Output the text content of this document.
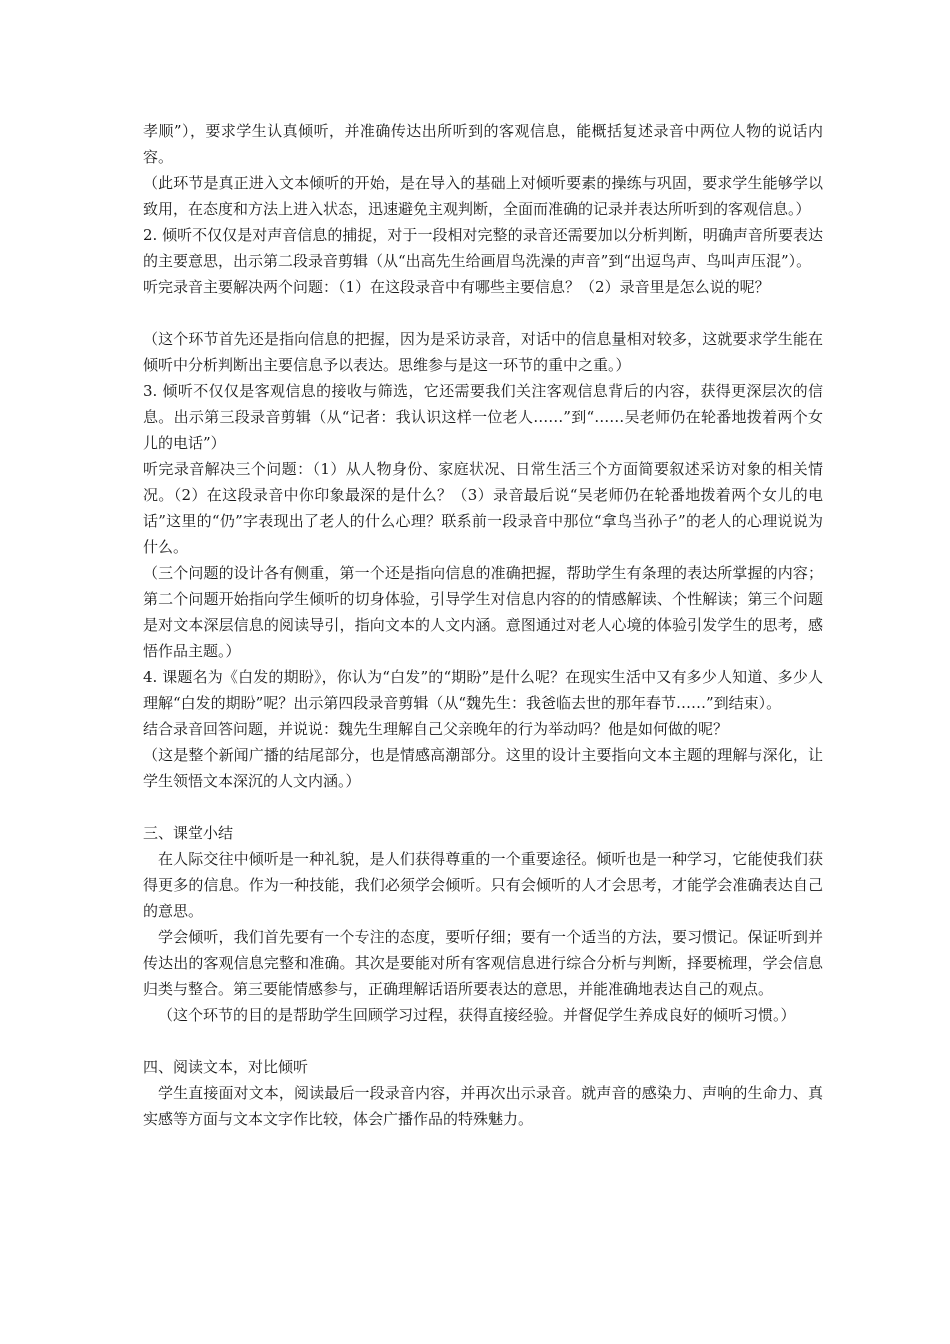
孝顺”），要求学生认真倾听，并准确传达出所听到的客观信息，能概括复述录音中两位人物的说话内容。

（此环节是真正进入文本倾听的开始，是在导入的基础上对倾听要素的操练与巩固，要求学生能够学以致用，在态度和方法上进入状态，迅速避免主观判断，全面而准确的记录并表达所听到的客观信息。）

2. 倾听不仅仅是对声音信息的捕捉，对于一段相对完整的录音还需要加以分析判断，明确声音所要表达的主要意思，出示第二段录音剪辑（从“出高先生给画眉鸟洗澡的声音”到“出逗鸟声、鸟叫声压混”）。

听完录音主要解决两个问题：（1）在这段录音中有哪些主要信息？（2）录音里是怎么说的呢？

（这个环节首先还是指向信息的把握，因为是采访录音，对话中的信息量相对较多，这就要求学生能在倾听中分析判断出主要信息予以表达。思维参与是这一环节的重中之重。）

3. 倾听不仅仅是客观信息的接收与筛选，它还需要我们关注客观信息背后的内容，获得更深层次的信息。出示第三段录音剪辑（从“记者：我认识这样一位老人……”到“……吴老师仍在轮番地拨着两个女儿的电话”）

听完录音解决三个问题：（1）从人物身份、家庭状况、日常生活三个方面简要叙述采访对象的相关情况。（2）在这段录音中你印象最深的是什么？（3）录音最后说“吴老师仍在轮番地拨着两个女儿的电话”这里的“仍”字表现出了老人的什么心理？联系前一段录音中那位“拿鸟当孙子”的老人的心理说说为什么。

（三个问题的设计各有侧重，第一个还是指向信息的准确把握，帮助学生有条理的表达所掌握的内容；第二个问题开始指向学生倾听的切身体验，引导学生对信息内容的的情感解读、个性解读；第三个问题是对文本深层信息的阅读导引，指向文本的人文内涵。意图通过对老人心境的体验引发学生的思考，感悟作品主题。）

4. 课题名为《白发的期盼》，你认为“白发”的“期盼”是什么呢？在现实生活中又有多少人知道、多少人理解“白发的期盼”呢？出示第四段录音剪辑（从“魏先生：我爸临去世的那年春节……”到结束）。

结合录音回答问题，并说说：魏先生理解自己父亲晚年的行为举动吗？他是如何做的呢？

（这是整个新闻广播的结尾部分，也是情感高潮部分。这里的设计主要指向文本主题的理解与深化，让学生领悟文本深沉的人文内涵。）

三、课堂小结

在人际交往中倾听是一种礼貌，是人们获得尊重的一个重要途径。倾听也是一种学习，它能使我们获得更多的信息。作为一种技能，我们必须学会倾听。只有会倾听的人才会思考，才能学会准确表达自己的意思。

学会倾听，我们首先要有一个专注的态度，要听仔细；要有一个适当的方法，要习惯记。保证听到并传达出的客观信息完整和准确。其次是要能对所有客观信息进行综合分析与判断，择要梳理，学会信息归类与整合。第三要能情感参与，正确理解话语所要表达的意思，并能准确地表达自己的观点。

（这个环节的目的是帮助学生回顾学习过程，获得直接经验。并督促学生养成良好的倾听习惯。）

四、阅读文本，对比倾听

学生直接面对文本，阅读最后一段录音内容，并再次出示录音。就声音的感染力、声响的生命力、真实感等方面与文本文字作比较，体会广播作品的特殊魅力。
